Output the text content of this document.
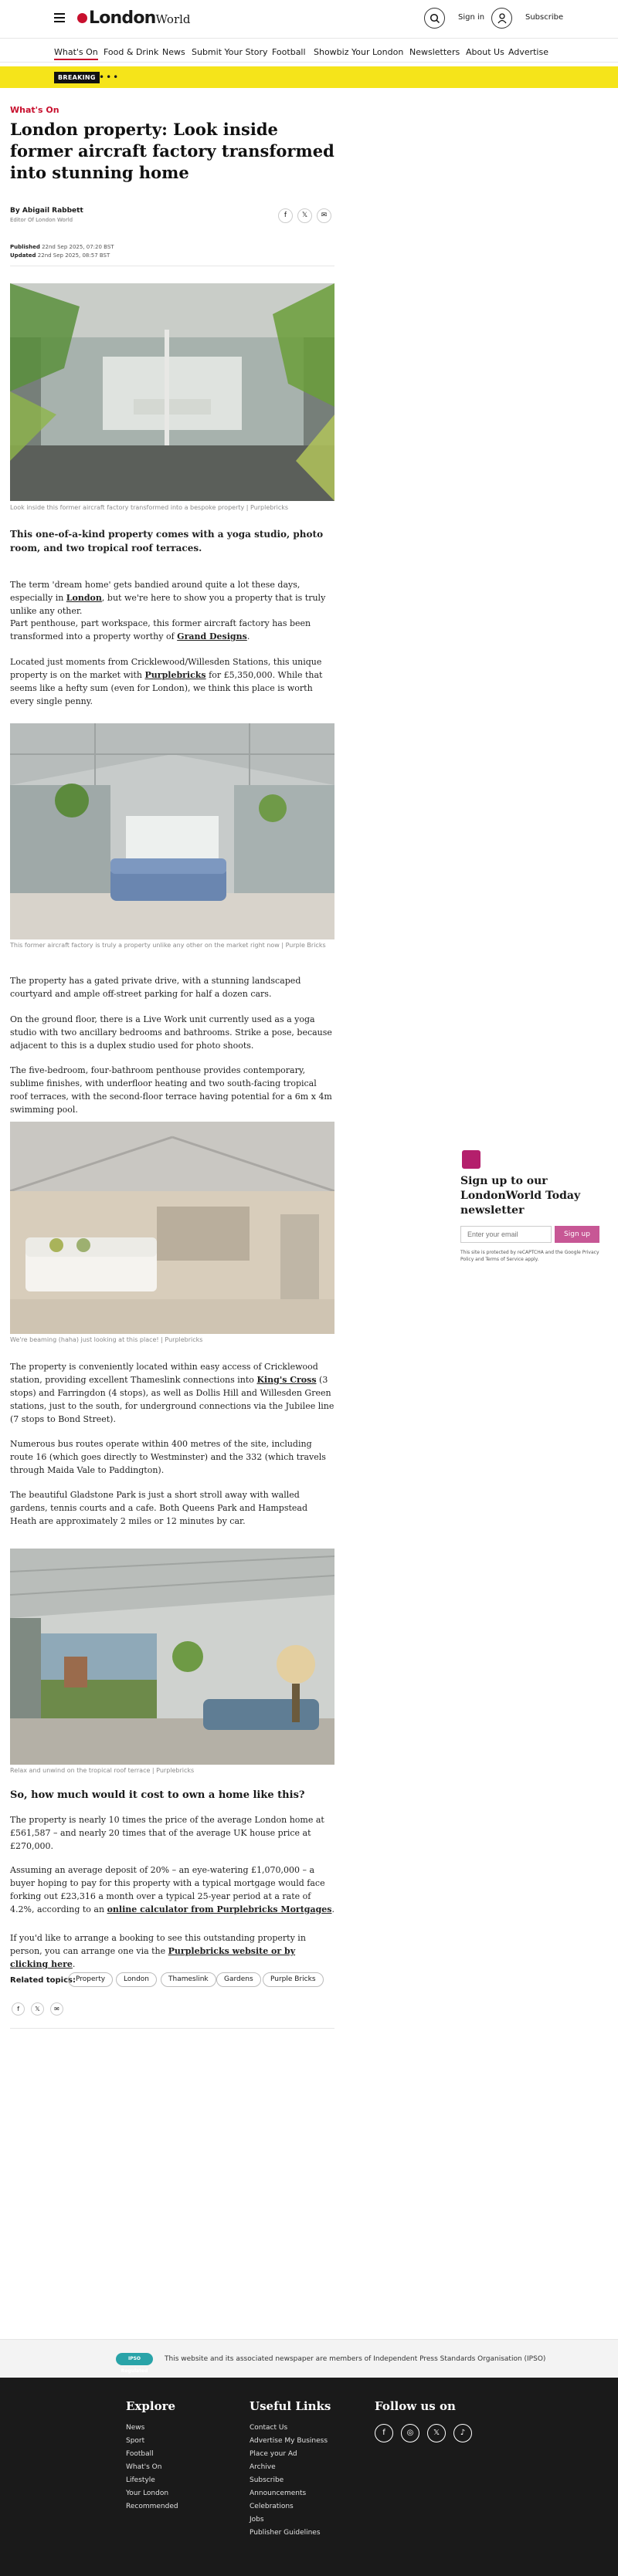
LondonWorld	Sign in	Subscribe
What's On Food & Drink News Submit Your Story Football Showbiz Your London Newsletters About Us Advertise
BREAKING •••
What's On
London property: Look inside former aircraft factory transformed into stunning home
By Abigail Rabbett
Editor Of London World
f	𝕏	✉
Published 22nd Sep 2025, 07:20 BST
Updated 22nd Sep 2025, 08:57 BST
Look inside this former aircraft factory transformed into a bespoke property | Purplebricks

This one-of-a-kind property comes with a yoga studio, photo room, and two tropical roof terraces.

The term 'dream home' gets bandied around quite a lot these days, especially in London, but we're here to show you a property that is truly unlike any other.

Part penthouse, part workspace, this former aircraft factory has been transformed into a property worthy of Grand Designs.

Located just moments from Cricklewood/Willesden Stations, this unique property is on the market with Purplebricks for £5,350,000. While that seems like a hefty sum (even for London), we think this place is worth every single penny.

This former aircraft factory is truly a property unlike any other on the market right now | Purple Bricks

The property has a gated private drive, with a stunning landscaped courtyard and ample off-street parking for half a dozen cars.

On the ground floor, there is a Live Work unit currently used as a yoga studio with two ancillary bedrooms and bathrooms. Strike a pose, because adjacent to this is a duplex studio used for photo shoots.

The five-bedroom, four-bathroom penthouse provides contemporary, sublime finishes, with underfloor heating and two south-facing tropical roof terraces, with the second-floor terrace having potential for a 6m x 4m swimming pool.

We're beaming (haha) just looking at this place! | Purplebricks

The property is conveniently located within easy access of Cricklewood station, providing excellent Thameslink connections into King's Cross (3 stops) and Farringdon (4 stops), as well as Dollis Hill and Willesden Green stations, just to the south, for underground connections via the Jubilee line (7 stops to Bond Street).

Numerous bus routes operate within 400 metres of the site, including route 16 (which goes directly to Westminster) and the 332 (which travels through Maida Vale to Paddington).

The beautiful Gladstone Park is just a short stroll away with walled gardens, tennis courts and a cafe. Both Queens Park and Hampstead Heath are approximately 2 miles or 12 minutes by car.

Relax and unwind on the tropical roof terrace | Purplebricks
So, how much would it cost to own a home like this?

The property is nearly 10 times the price of the average London home at £561,587 – and nearly 20 times that of the average UK house price at £270,000.

Assuming an average deposit of 20% – an eye-watering £1,070,000 – a buyer hoping to pay for this property with a typical mortgage would face forking out £23,316 a month over a typical 25-year period at a rate of 4.2%, according to an online calculator from Purplebricks Mortgages.

If you'd like to arrange a booking to see this outstanding property in person, you can arrange one via the Purplebricks website or by clicking here.

Related topics: Property	London	Thameslink	Gardens	Purple Bricks
f	𝕏	✉
Sign up to our LondonWorld Today newsletter
Enter your email
Sign up
This site is protected by reCAPTCHA and the Google Privacy Policy and Terms of Service apply.
IPSO Regulated
This website and its associated newspaper are members of Independent Press Standards Organisation (IPSO)
Explore
News
Sport
Football
What's On
Lifestyle
Your London
Recommended
Useful Links
Contact Us
Advertise My Business
Place your Ad
Archive
Subscribe
Announcements
Celebrations
Jobs
Publisher Guidelines
Follow us on
f	◎	𝕏	♪
